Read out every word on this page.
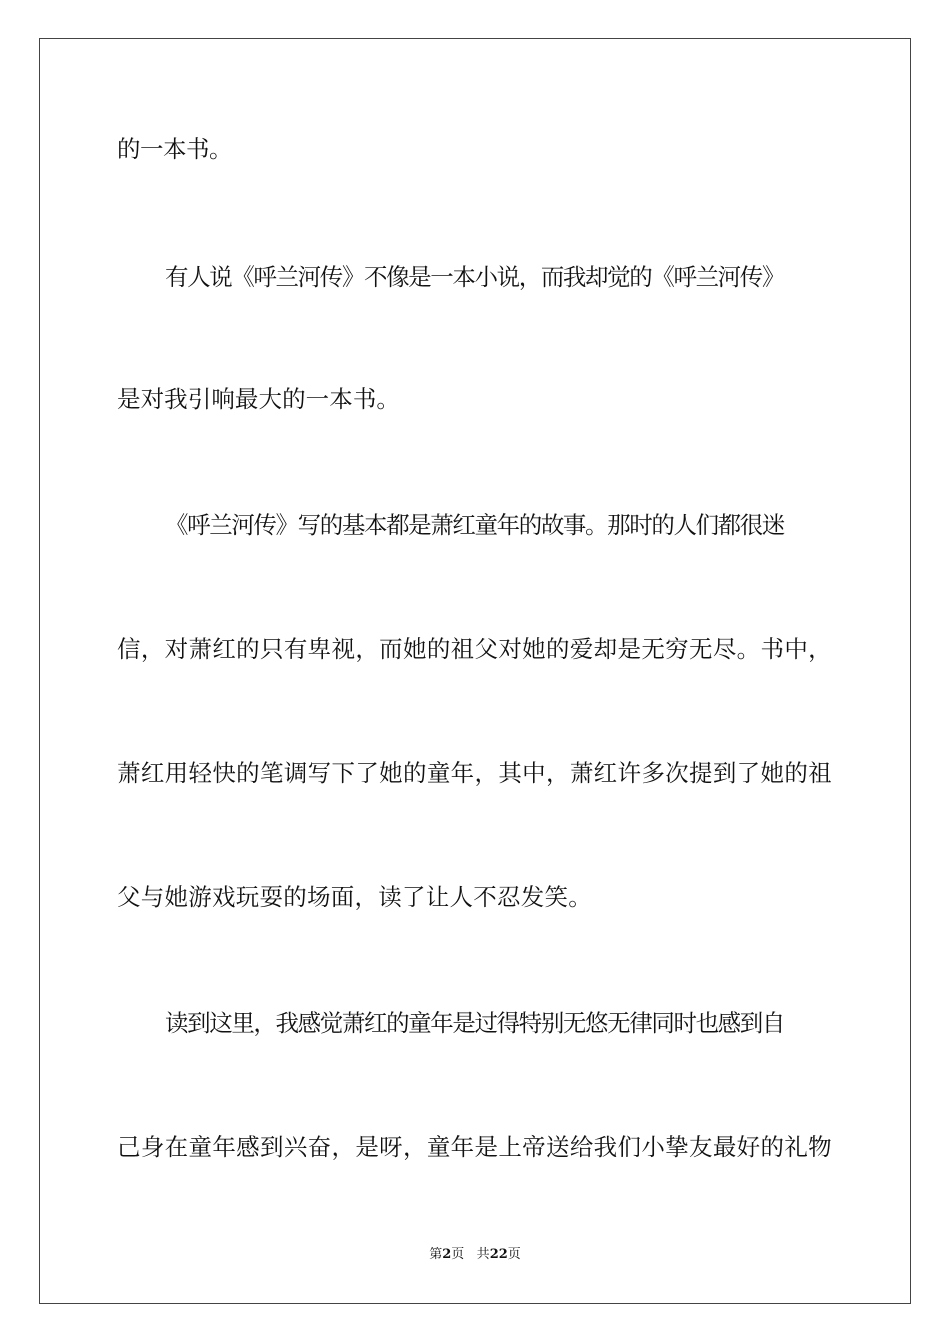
的一本书。
有人说《呼兰河传》不像是一本小说，而我却觉的《呼兰河传》
是对我引响最大的一本书。
《呼兰河传》写的基本都是萧红童年的故事。那时的人们都很迷
信，对萧红的只有卑视，而她的祖父对她的爱却是无穷无尽。书中，
萧红用轻快的笔调写下了她的童年，其中，萧红许多次提到了她的祖
父与她游戏玩耍的场面，读了让人不忍发笑。
读到这里，我感觉萧红的童年是过得特别无悠无律同时也感到自
己身在童年感到兴奋，是呀，童年是上帝送给我们小挚友最好的礼物
第2页 共22页
